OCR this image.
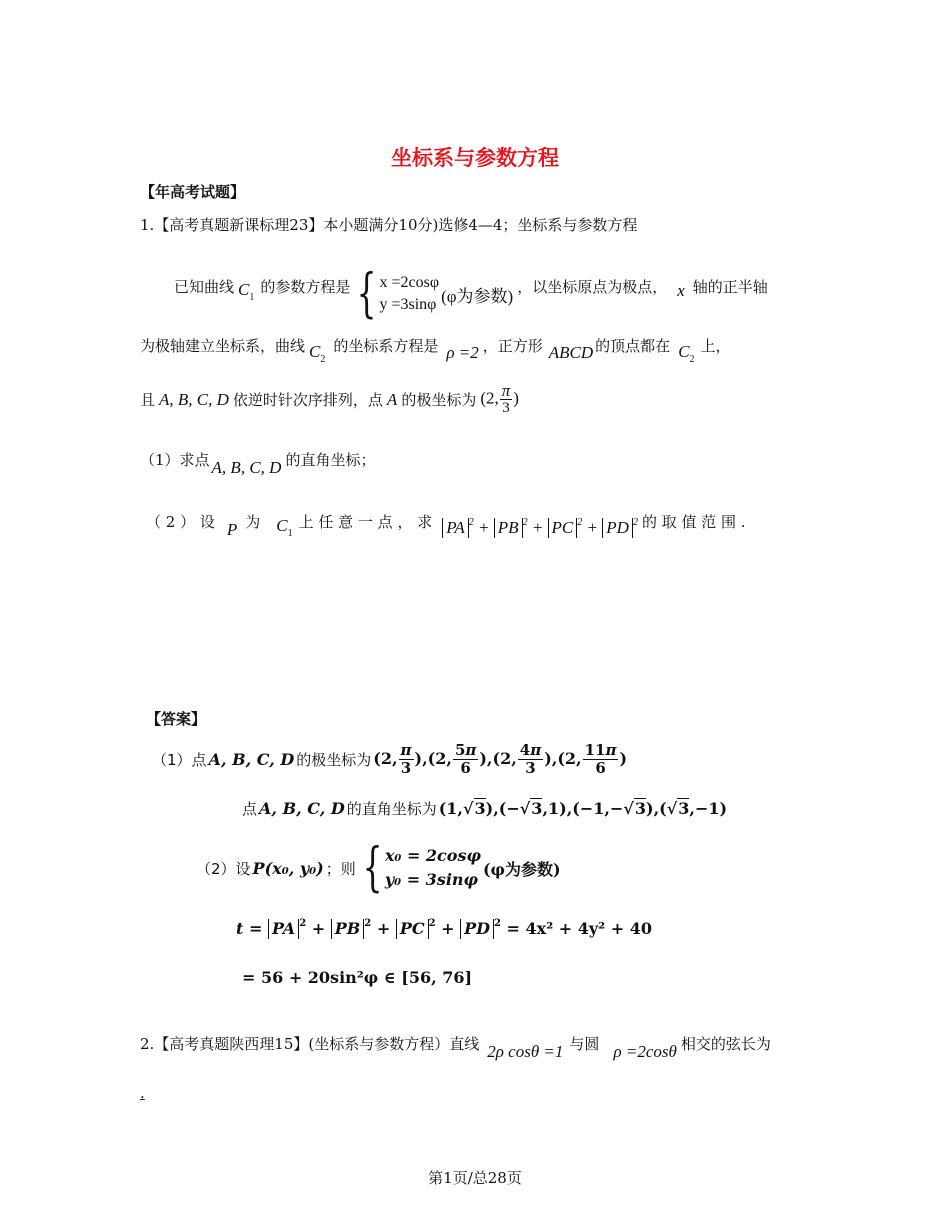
坐标系与参数方程
【年高考试题】
1.【高考真题新课标理23】本小题满分10分)选修4—4；坐标系与参数方程
已知曲线 $C_1$
的参数方程是 { x =2cosφ
y =3sinφ (φ为参数) ，以坐标原点为极点， x 轴的正半轴
为极轴建立坐标系，曲线 $C_2$
的坐标系方程是 ρ =2 ，正方形 ABCD 的顶点都在 $C_2$
上，
且 A, B, C, D 依逆时针次序排列，点 A 的极坐标为 (2, $\frac{\pi}{3}$ )
（1）求点 A, B, C, D 的直角坐标；
（ 2 ） 设 P 为 $C_1$
上 任 意 一 点 ， 求 PA $^2$ + PB $^2$ + PC $^2$ + PD $^2$ 的 取 值 范 围 .
【答案】
（1）点 A, B, C, D 的极坐标为 (2, $\frac{\pi}{3} ),(2$, $\frac{5\pi}{6} ),(2$, $\frac{4\pi}{3} ),(2$, $\frac{11\pi}{6}$ )
点 A, B, C, D 的直角坐标为 (1,√3),(−√3,1),(−1,−√3),(√3,−1)
（2）设 P(x₀, y₀) ；则 { x₀ = 2cosφ
y₀ = 3sinφ
(φ为参数)
t = PA $^2$ + PB $^2$ + PC $^2$ + PD $^2$ = 4x² + 4y² + 40
= 56 + 20sin²φ ∈ [56, 76]
2.【高考真题陕西理15】(坐标系与参数方程）直线 2ρ cosθ =1 与圆 ρ =2cosθ 相交的弦长为
.
第1页/总28页
